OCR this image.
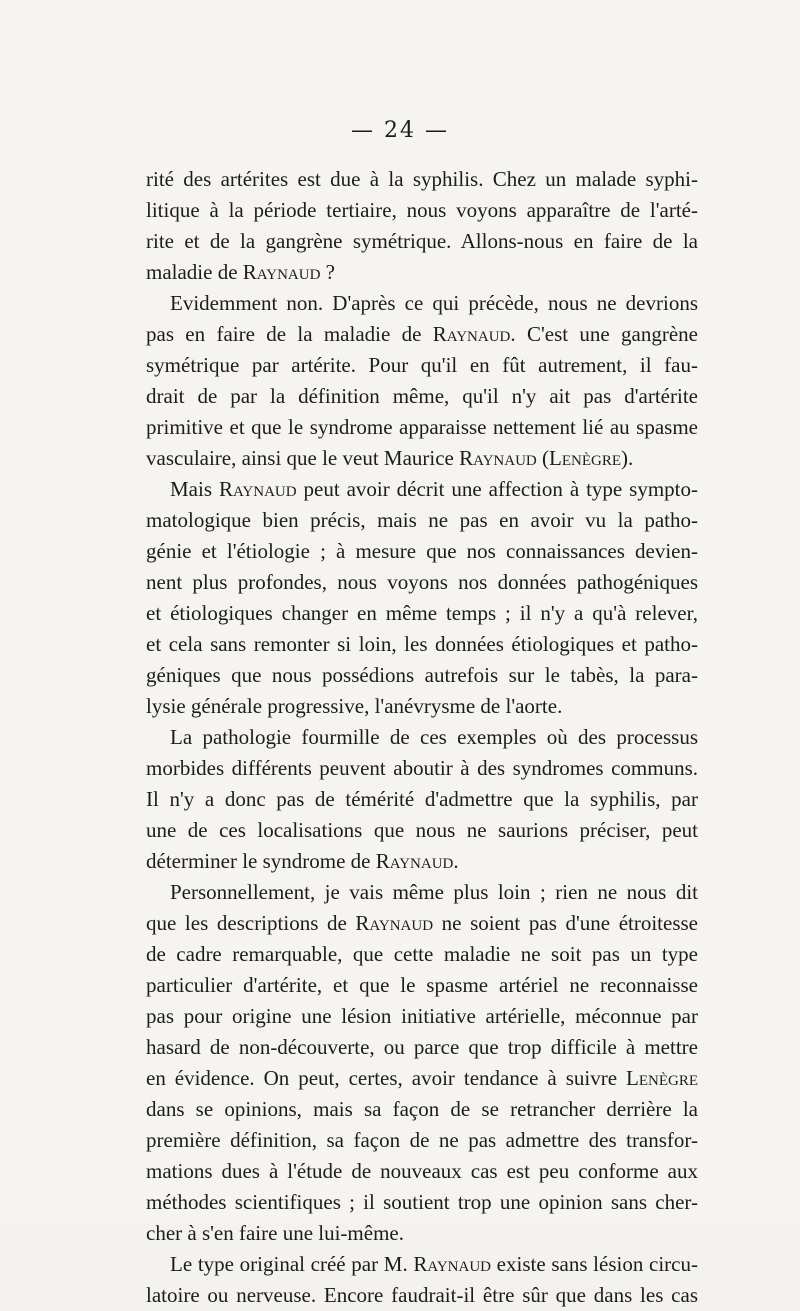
— 24 —
rité des artérites est due à la syphilis. Chez un malade syphi-
litique à la période tertiaire, nous voyons apparaître de l'arté-
rite et de la gangrène symétrique. Allons-nous en faire de la
maladie de Raynaud ?
Evidemment non. D'après ce qui précède, nous ne devrions
pas en faire de la maladie de Raynaud. C'est une gangrène
symétrique par artérite. Pour qu'il en fût autrement, il fau-
drait de par la définition même, qu'il n'y ait pas d'artérite
primitive et que le syndrome apparaisse nettement lié au spasme
vasculaire, ainsi que le veut Maurice Raynaud (Lenègre).
Mais Raynaud peut avoir décrit une affection à type sympto-
matologique bien précis, mais ne pas en avoir vu la patho-
génie et l'étiologie ; à mesure que nos connaissances devien-
nent plus profondes, nous voyons nos données pathogéniques
et étiologiques changer en même temps ; il n'y a qu'à relever,
et cela sans remonter si loin, les données étiologiques et patho-
géniques que nous possédions autrefois sur le tabès, la para-
lysie générale progressive, l'anévrysme de l'aorte.
La pathologie fourmille de ces exemples où des processus
morbides différents peuvent aboutir à des syndromes communs.
Il n'y a donc pas de témérité d'admettre que la syphilis, par
une de ces localisations que nous ne saurions préciser, peut
déterminer le syndrome de Raynaud.
Personnellement, je vais même plus loin ; rien ne nous dit
que les descriptions de Raynaud ne soient pas d'une étroitesse
de cadre remarquable, que cette maladie ne soit pas un type
particulier d'artérite, et que le spasme artériel ne reconnaisse
pas pour origine une lésion initiative artérielle, méconnue par
hasard de non-découverte, ou parce que trop difficile à mettre
en évidence. On peut, certes, avoir tendance à suivre Lenègre
dans se opinions, mais sa façon de se retrancher derrière la
première définition, sa façon de ne pas admettre des transfor-
mations dues à l'étude de nouveaux cas est peu conforme aux
méthodes scientifiques ; il soutient trop une opinion sans cher-
cher à s'en faire une lui-même.
Le type original créé par M. Raynaud existe sans lésion circu-
latoire ou nerveuse. Encore faudrait-il être sûr que dans les cas
